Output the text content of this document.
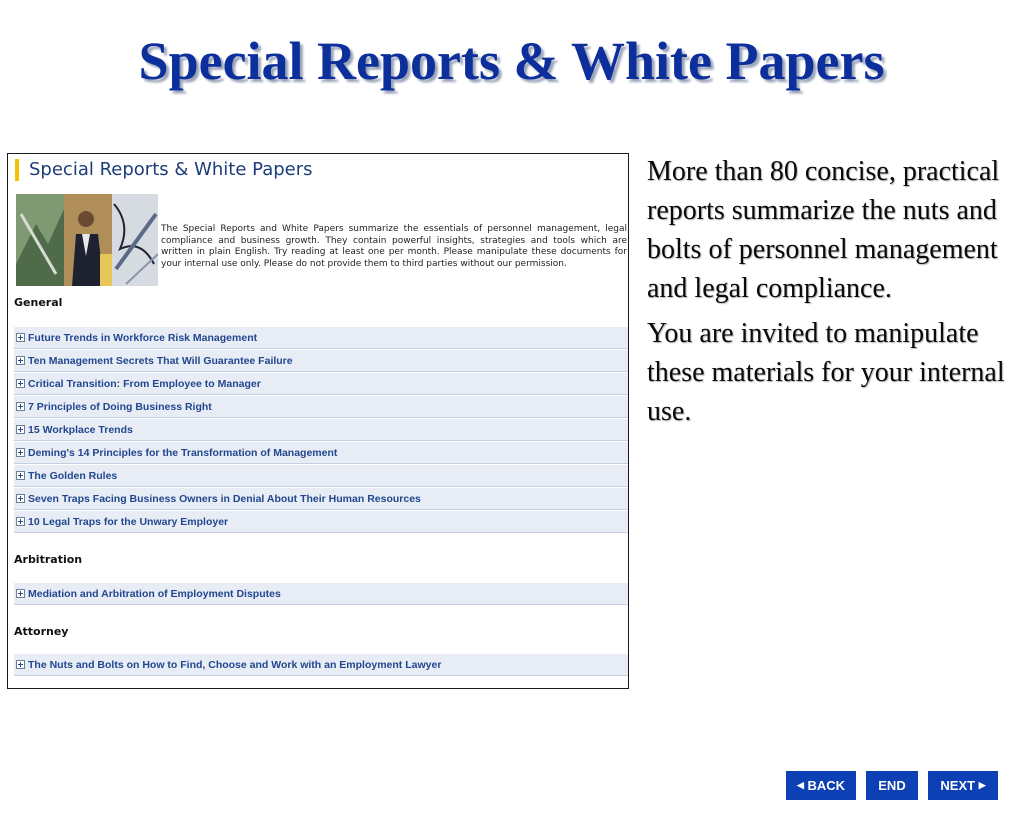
Special Reports & White Papers
Special Reports & White Papers
The Special Reports and White Papers summarize the essentials of personnel management, legal compliance and business growth. They contain powerful insights, strategies and tools which are written in plain English. Try reading at least one per month. Please manipulate these documents for your internal use only. Please do not provide them to third parties without our permission.
General
Future Trends in Workforce Risk Management
Ten Management Secrets That Will Guarantee Failure
Critical Transition: From Employee to Manager
7 Principles of Doing Business Right
15 Workplace Trends
Deming's 14 Principles for the Transformation of Management
The Golden Rules
Seven Traps Facing Business Owners in Denial About Their Human Resources
10 Legal Traps for the Unwary Employer
Arbitration
Mediation and Arbitration of Employment Disputes
Attorney
The Nuts and Bolts on How to Find, Choose and Work with an Employment Lawyer

More than 80 concise, practical reports summarize the nuts and bolts of personnel management and legal compliance.

You are invited to manipulate these materials for your internal use.

◀
BACK	END	NEXT
▶
